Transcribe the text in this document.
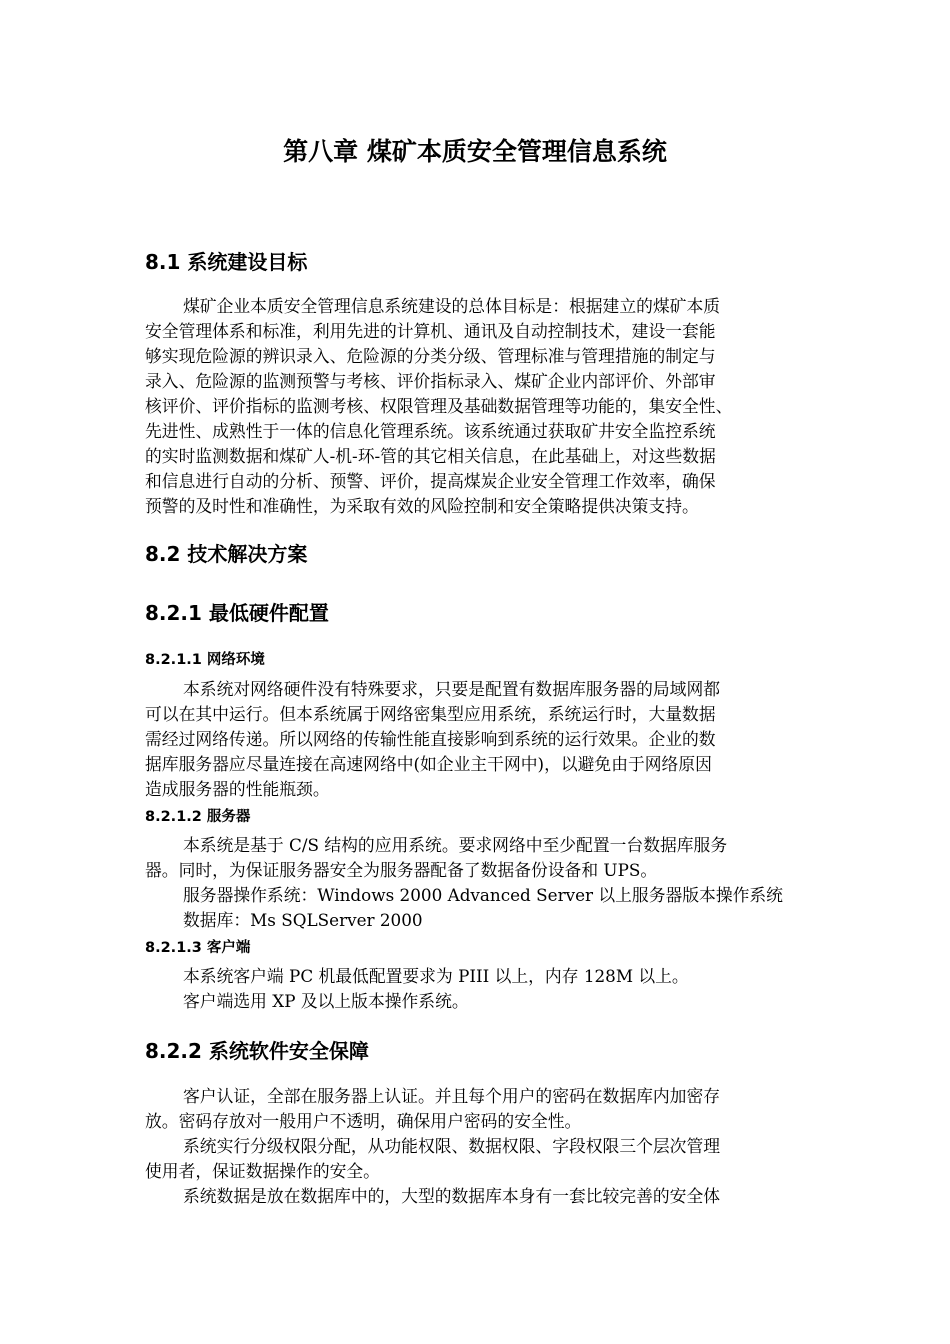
第八章 煤矿本质安全管理信息系统
8.1 系统建设目标
煤矿企业本质安全管理信息系统建设的总体目标是：根据建立的煤矿本质
安全管理体系和标准，利用先进的计算机、通讯及自动控制技术，建设一套能
够实现危险源的辨识录入、危险源的分类分级、管理标准与管理措施的制定与
录入、危险源的监测预警与考核、评价指标录入、煤矿企业内部评价、外部审
核评价、评价指标的监测考核、权限管理及基础数据管理等功能的，集安全性、
先进性、成熟性于一体的信息化管理系统。该系统通过获取矿井安全监控系统
的实时监测数据和煤矿人-机-环-管的其它相关信息，在此基础上，对这些数据
和信息进行自动的分析、预警、评价，提高煤炭企业安全管理工作效率，确保
预警的及时性和准确性，为采取有效的风险控制和安全策略提供决策支持。
8.2 技术解决方案
8.2.1 最低硬件配置
8.2.1.1 网络环境
本系统对网络硬件没有特殊要求，只要是配置有数据库服务器的局域网都
可以在其中运行。但本系统属于网络密集型应用系统，系统运行时，大量数据
需经过网络传递。所以网络的传输性能直接影响到系统的运行效果。企业的数
据库服务器应尽量连接在高速网络中(如企业主干网中)，以避免由于网络原因
造成服务器的性能瓶颈。
8.2.1.2 服务器
本系统是基于 C/S 结构的应用系统。要求网络中至少配置一台数据库服务
器。同时，为保证服务器安全为服务器配备了数据备份设备和 UPS。
服务器操作系统：Windows 2000 Advanced Server 以上服务器版本操作系统
数据库：Ms SQLServer 2000
8.2.1.3 客户端
本系统客户端 PC 机最低配置要求为 PIII 以上，内存 128M 以上。
客户端选用 XP 及以上版本操作系统。
8.2.2 系统软件安全保障
客户认证，全部在服务器上认证。并且每个用户的密码在数据库内加密存
放。密码存放对一般用户不透明，确保用户密码的安全性。
系统实行分级权限分配，从功能权限、数据权限、字段权限三个层次管理
使用者，保证数据操作的安全。
系统数据是放在数据库中的，大型的数据库本身有一套比较完善的安全体
